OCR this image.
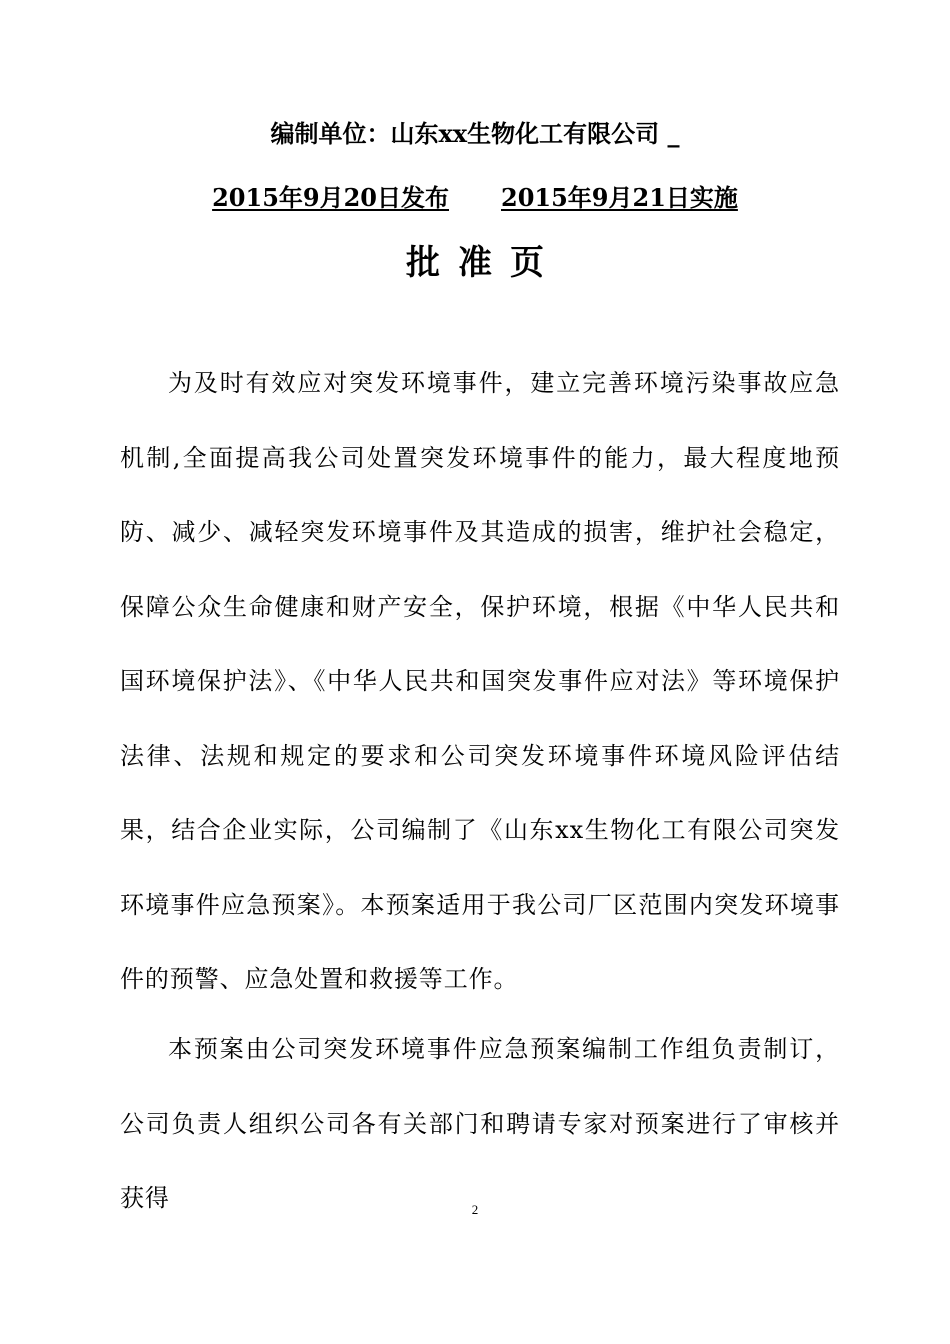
编制单位：山东xx生物化工有限公司 _
2015年9月20日发布 2015年9月21日实施
批准页

为及时有效应对突发环境事件，建立完善环境污染事故应急机制,全面提高我公司处置突发环境事件的能力，最大程度地预防、减少、减轻突发环境事件及其造成的损害，维护社会稳定，保障公众生命健康和财产安全，保护环境，根据《中华人民共和国环境保护法》、《中华人民共和国突发事件应对法》等环境保护法律、法规和规定的要求和公司突发环境事件环境风险评估结果，结合企业实际，公司编制了《山东xx生物化工有限公司突发环境事件应急预案》。本预案适用于我公司厂区范围内突发环境事件的预警、应急处置和救援等工作。

本预案由公司突发环境事件应急预案编制工作组负责制订，公司负责人组织公司各有关部门和聘请专家对预案进行了审核并获得	2
